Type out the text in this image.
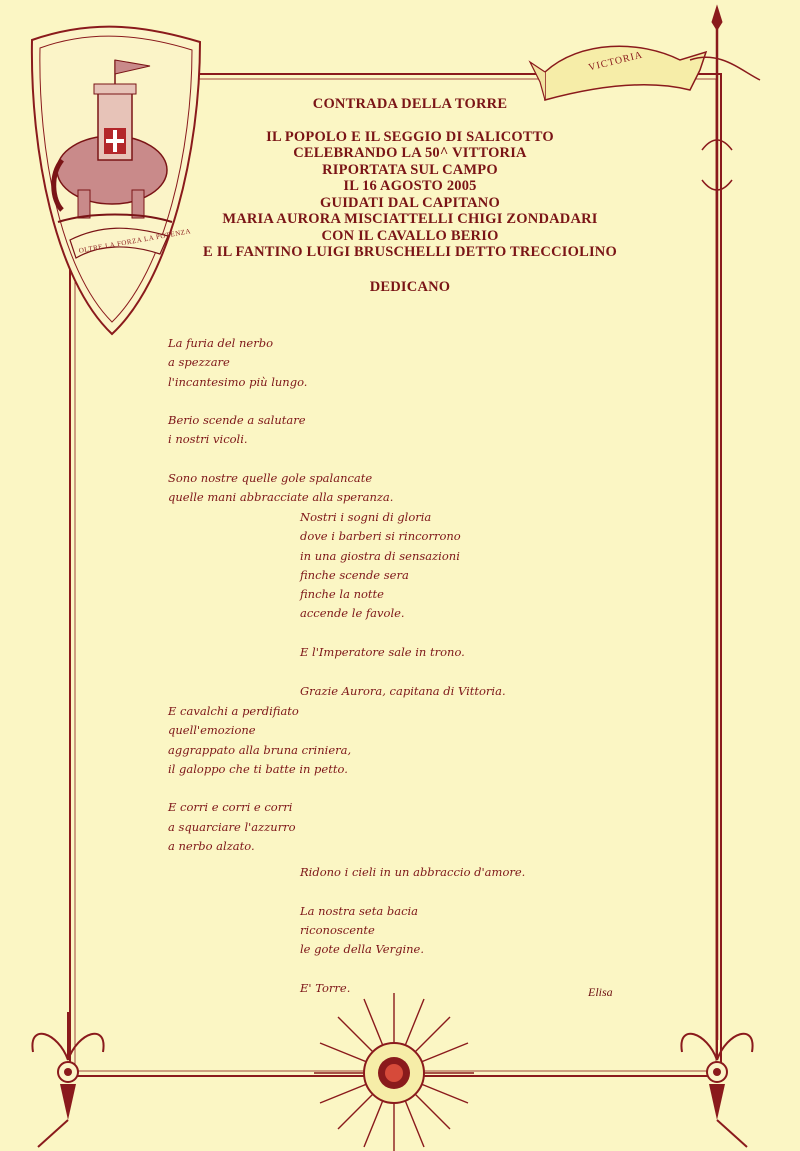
VICTORIA
OLTRE LA FORZA LA POTENZA
CONTRADA DELLA TORRE
IL POPOLO E IL SEGGIO DI SALICOTTO
CELEBRANDO LA 50^ VITTORIA
RIPORTATA SUL CAMPO
IL 16 AGOSTO 2005
GUIDATI DAL CAPITANO
MARIA AURORA MISCIATTELLI CHIGI ZONDADARI
CON IL CAVALLO BERIO
E IL FANTINO LUIGI BRUSCHELLI DETTO TRECCIOLINO
DEDICANO
La furia del nerbo
a spezzare
l'incantesimo più lungo.
Berio scende a salutare
i nostri vicoli.
Sono nostre quelle gole spalancate
quelle mani abbracciate alla speranza.
Nostri i sogni di gloria
dove i barberi si rincorrono
in una giostra di sensazioni
finche scende sera
finche la notte
accende le favole.
E l'Imperatore sale in trono.
Grazie Aurora, capitana di Vittoria.
E cavalchi a perdifiato
quell'emozione
aggrappato alla bruna criniera,
il galoppo che ti batte in petto.
E corri e corri e corri
a squarciare l'azzurro
a nerbo alzato.
Ridono i cieli in un abbraccio d'amore.
La nostra seta bacia
riconoscente
le gote della Vergine.
E' Torre.	Elisa
